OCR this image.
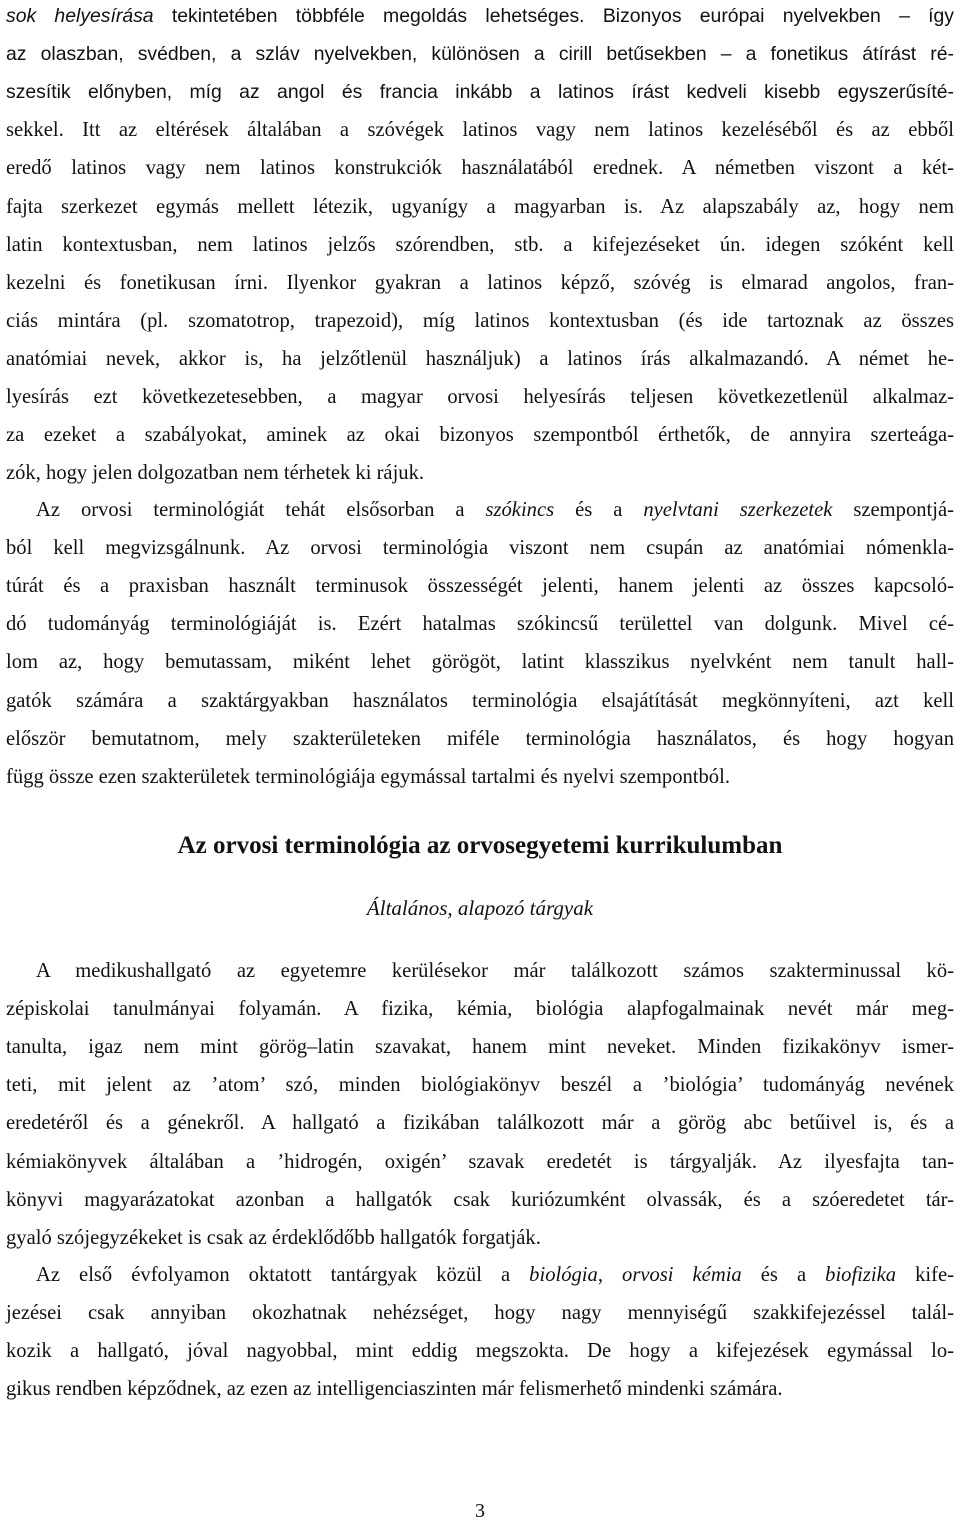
sok helyesírása tekintetében többféle megoldás lehetséges. Bizonyos európai nyelvekben – így
az olaszban, svédben, a szláv nyelvekben, különösen a cirill betűsekben – a fonetikus átírást ré-
szesítik előnyben, míg az angol és francia inkább a latinos írást kedveli kisebb egyszerűsíté-
sekkel. Itt az eltérések általában a szóvégek latinos vagy nem latinos kezeléséből és az ebből
eredő latinos vagy nem latinos konstrukciók használatából erednek. A németben viszont a két-
fajta szerkezet egymás mellett létezik, ugyanígy a magyarban is. Az alapszabály az, hogy nem
latin kontextusban, nem latinos jelzős szórendben, stb. a kifejezéseket ún. idegen szóként kell
kezelni és fonetikusan írni. Ilyenkor gyakran a latinos képző, szóvég is elmarad angolos, fran-
ciás mintára (pl. szomatotrop, trapezoid), míg latinos kontextusban (és ide tartoznak az összes
anatómiai nevek, akkor is, ha jelzőtlenül használjuk) a latinos írás alkalmazandó. A német he-
lyesírás ezt következetesebben, a magyar orvosi helyesírás teljesen következetlenül alkalmaz-
za ezeket a szabályokat, aminek az okai bizonyos szempontból érthetők, de annyira szerteága-
zók, hogy jelen dolgozatban nem térhetek ki rájuk.
Az orvosi terminológiát tehát elsősorban a szókincs és a nyelvtani szerkezetek szempontjá-
ból kell megvizsgálnunk. Az orvosi terminológia viszont nem csupán az anatómiai nómenkla-
túrát és a praxisban használt terminusok összességét jelenti, hanem jelenti az összes kapcsoló-
dó tudományág terminológiáját is. Ezért hatalmas szókincsű területtel van dolgunk. Mivel cé-
lom az, hogy bemutassam, miként lehet görögöt, latint klasszikus nyelvként nem tanult hall-
gatók számára a szaktárgyakban használatos terminológia elsajátítását megkönnyíteni, azt kell
először bemutatnom, mely szakterületeken miféle terminológia használatos, és hogy hogyan
függ össze ezen szakterületek terminológiája egymással tartalmi és nyelvi szempontból.
Az orvosi terminológia az orvosegyetemi kurrikulumban
Általános, alapozó tárgyak
A medikushallgató az egyetemre kerülésekor már találkozott számos szakterminussal kö-
zépiskolai tanulmányai folyamán. A fizika, kémia, biológia alapfogalmainak nevét már meg-
tanulta, igaz nem mint görög–latin szavakat, hanem mint neveket. Minden fizikakönyv ismer-
teti, mit jelent az ’atom’ szó, minden biológiakönyv beszél a ’biológia’ tudományág nevének
eredetéről és a génekről. A hallgató a fizikában találkozott már a görög abc betűivel is, és a
kémiakönyvek általában a ’hidrogén, oxigén’ szavak eredetét is tárgyalják. Az ilyesfajta tan-
könyvi magyarázatokat azonban a hallgatók csak kuriózumként olvassák, és a szóeredetet tár-
gyaló szójegyzékeket is csak az érdeklődőbb hallgatók forgatják.
Az első évfolyamon oktatott tantárgyak közül a biológia, orvosi kémia és a biofizika kife-
jezései csak annyiban okozhatnak nehézséget, hogy nagy mennyiségű szakkifejezéssel talál-
kozik a hallgató, jóval nagyobbal, mint eddig megszokta. De hogy a kifejezések egymással lo-
gikus rendben képződnek, az ezen az intelligenciaszinten már felismerhető mindenki számára.
3
